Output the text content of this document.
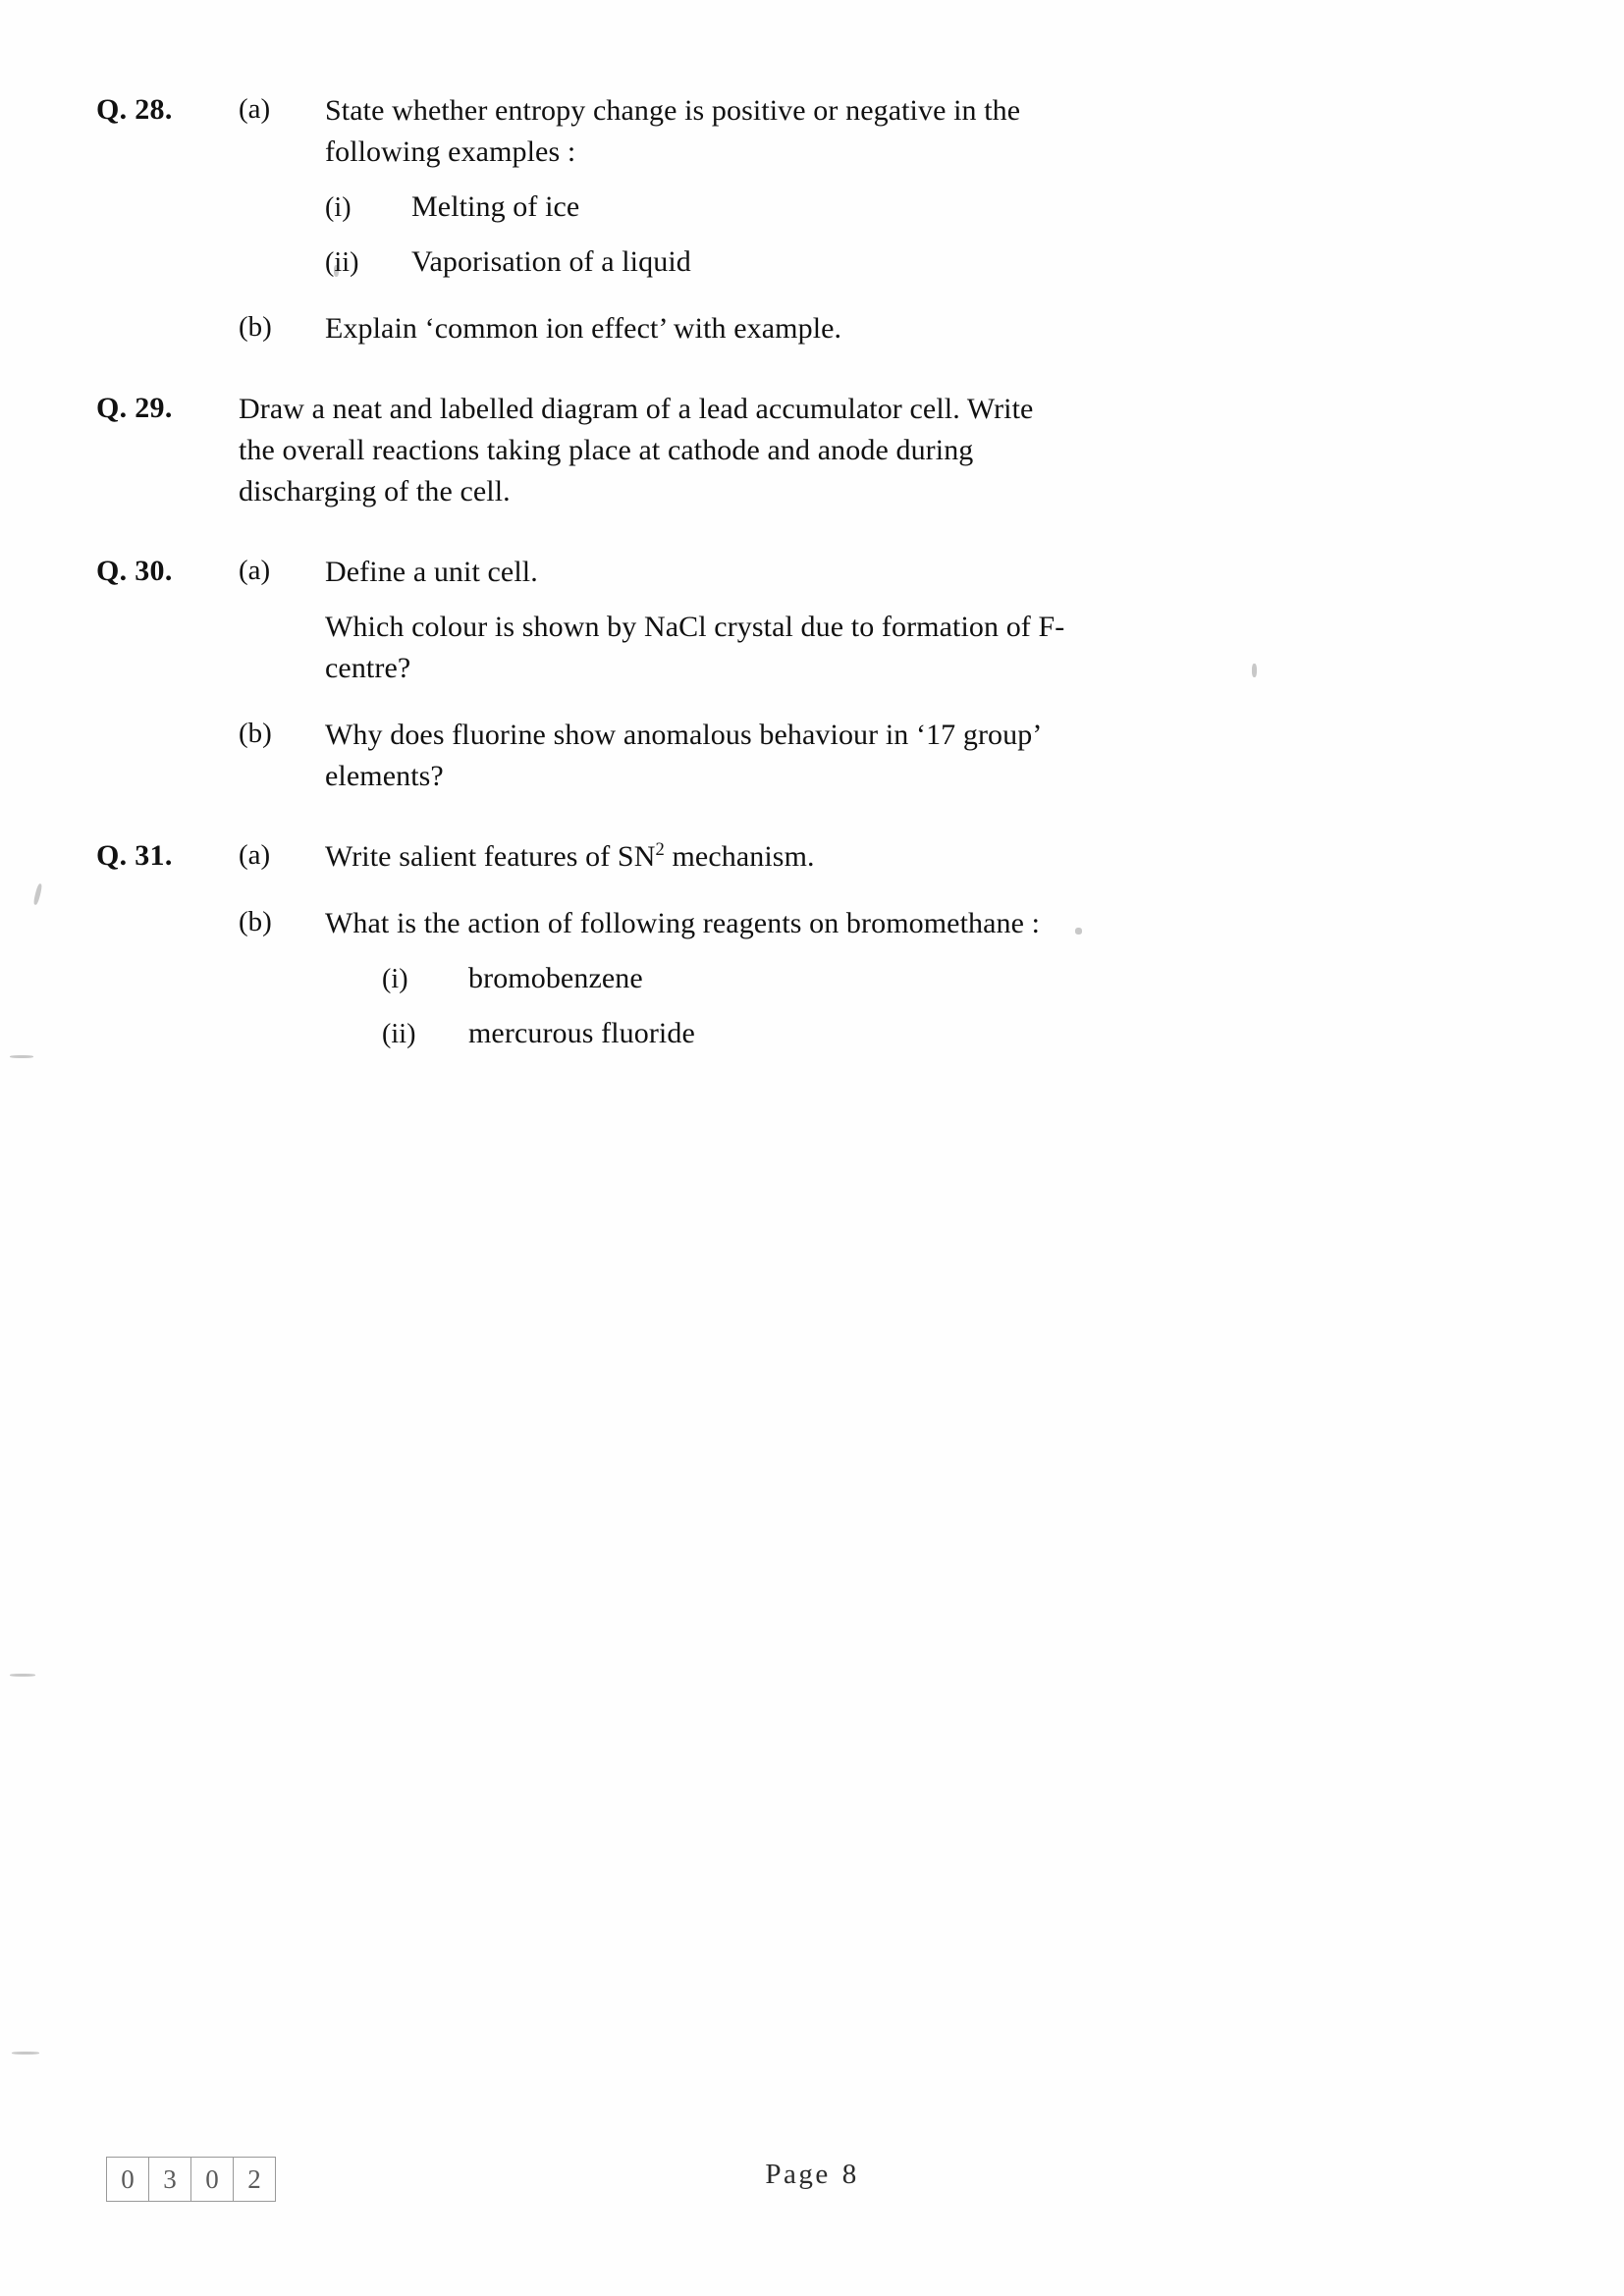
Q. 28.	(a)	State whether entropy change is positive or negative in the following examples :
(i) Melting of ice
(ii) Vaporisation of a liquid
(b)	Explain ‘common ion effect’ with example.
Q. 29.	Draw a neat and labelled diagram of a lead accumulator cell. Write the overall reactions taking place at cathode and anode during discharging of the cell.
Q. 30.	(a)	Define a unit cell.
Which colour is shown by NaCl crystal due to formation of F-centre?
(b)	Why does fluorine show anomalous behaviour in ‘17 group’ elements?
Q. 31.	(a)	Write salient features of $SN^2$ mechanism.
(b)	What is the action of following reagents on bromomethane :
(i) bromobenzene
(ii) mercurous fluoride

0	3	0	2	Page 8
